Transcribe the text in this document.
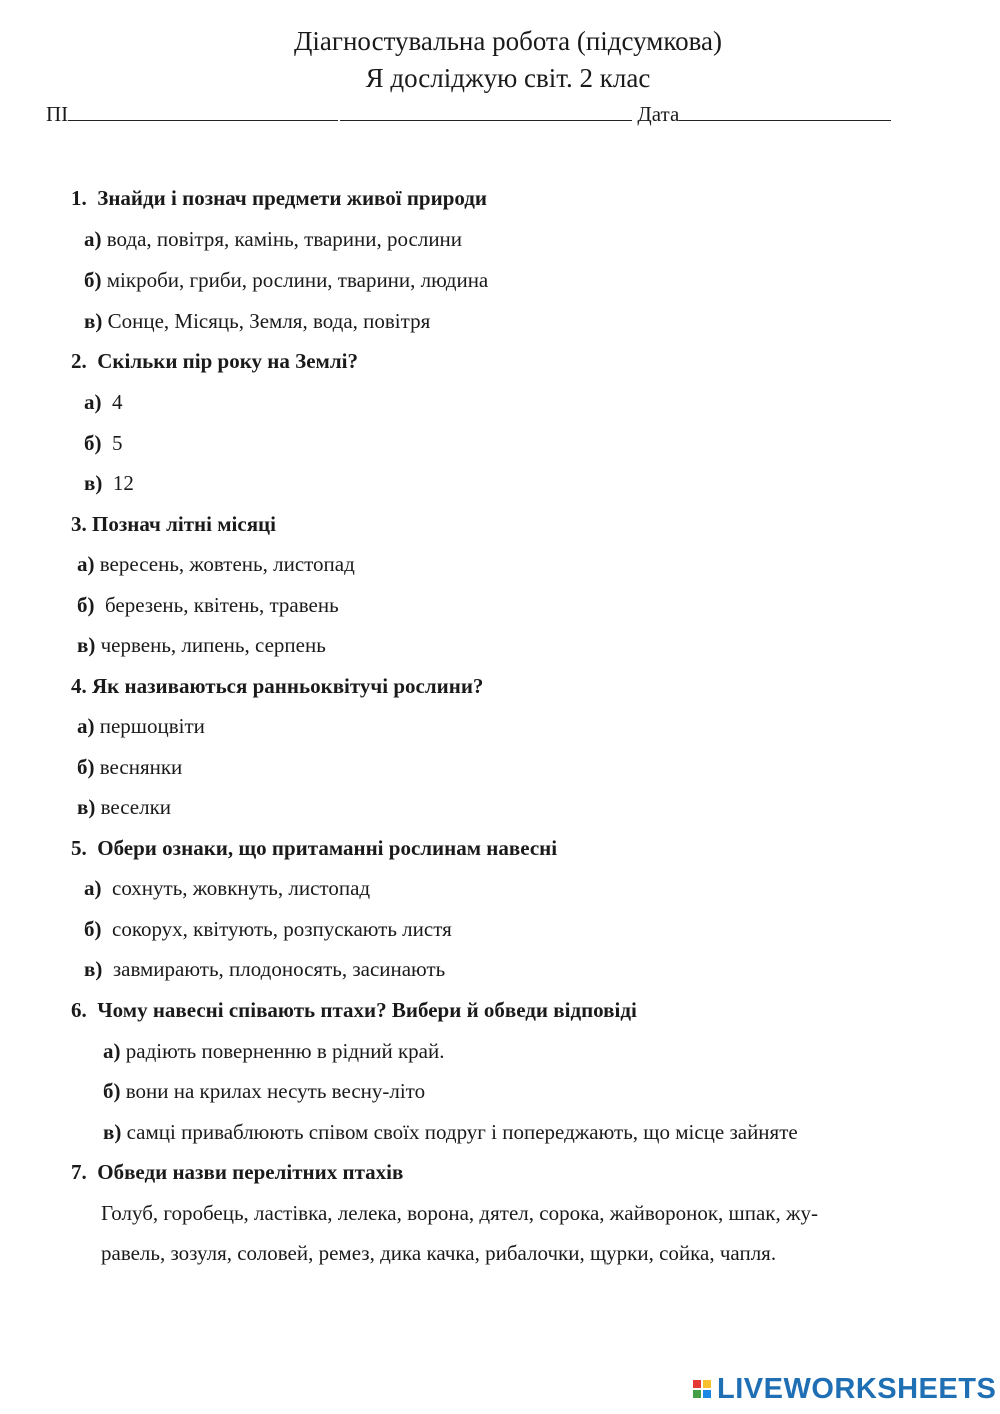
Діагностувальна робота (підсумкова)
Я досліджую світ. 2 клас
ПІ	Дата
1. Знайди і познач предмети живої природи
а) вода, повітря, камінь, тварини, рослини
б) мікроби, гриби, рослини, тварини, людина
в) Сонце, Місяць, Земля, вода, повітря
2. Скільки пір року на Землі?
а) 4
б) 5
в) 12
3. Познач літні місяці
а) вересень, жовтень, листопад
б) березень, квітень, травень
в) червень, липень, серпень
4. Як називаються ранньоквітучі рослини?
а) першоцвіти
б) веснянки
в) веселки
5. Обери ознаки, що притаманні рослинам навесні
а) сохнуть, жовкнуть, листопад
б) сокорух, квітують, розпускають листя
в) завмирають, плодоносять, засинають
6. Чому навесні співають птахи? Вибери й обведи відповіді
а) радіють поверненню в рідний край.
б) вони на крилах несуть весну-літо
в) самці приваблюють співом своїх подруг і попереджають, що місце зайняте
7. Обведи назви перелітних птахів
Голуб, горобець, ластівка, лелека, ворона, дятел, сорока, жайворонок, шпак, жу-
равель, зозуля, соловей, ремез, дика качка, рибалочки, щурки, сойка, чапля.
LIVEWORKSHEETS
